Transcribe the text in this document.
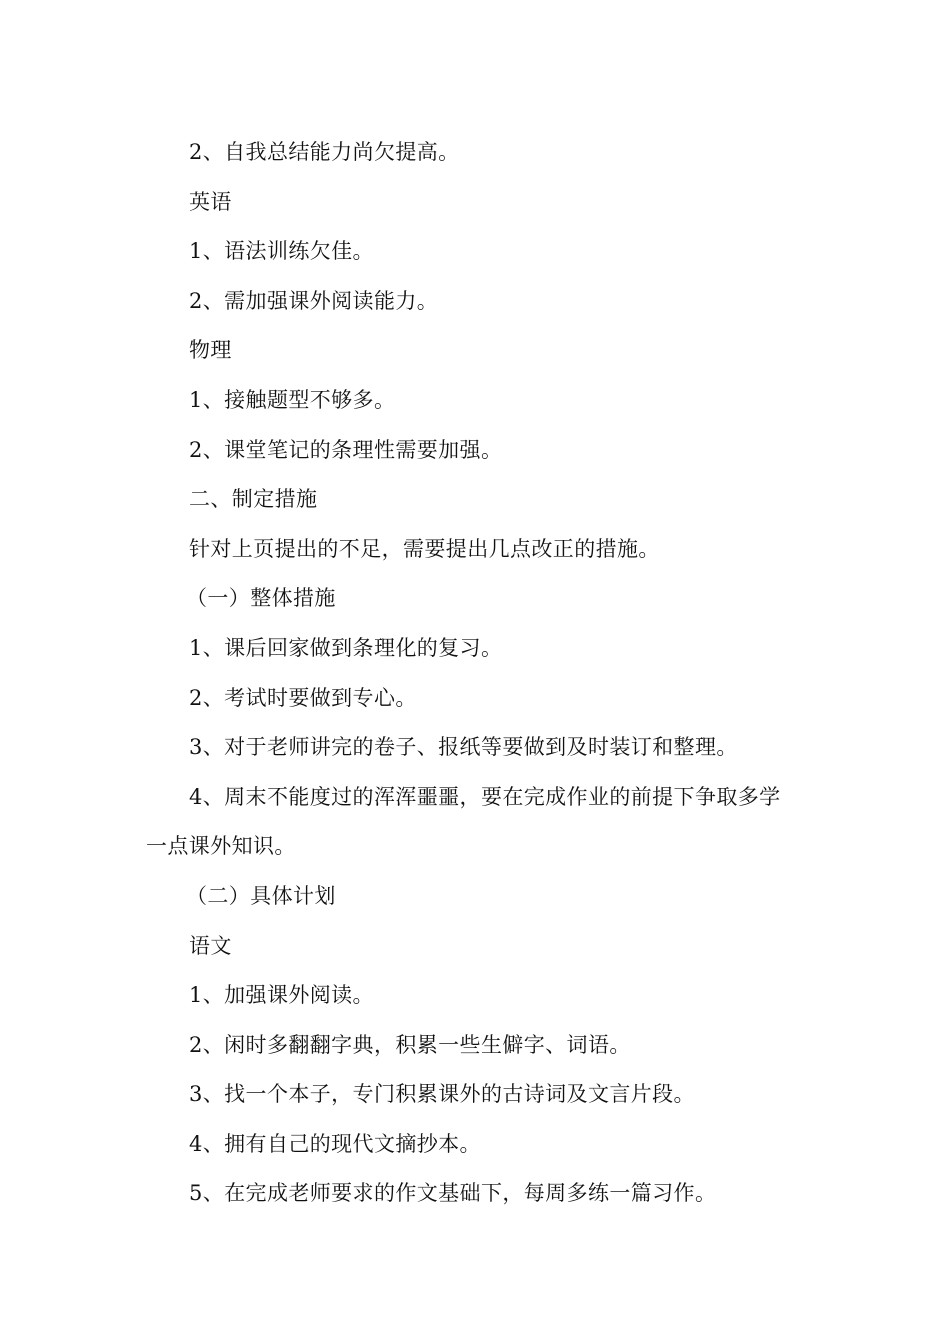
2、自我总结能力尚欠提高。

英语

1、语法训练欠佳。

2、需加强课外阅读能力。

物理

1、接触题型不够多。

2、课堂笔记的条理性需要加强。

二、制定措施

针对上页提出的不足，需要提出几点改正的措施。

（一）整体措施

1、课后回家做到条理化的复习。

2、考试时要做到专心。

3、对于老师讲完的卷子、报纸等要做到及时装订和整理。

4、周末不能度过的浑浑噩噩，要在完成作业的前提下争取多学

一点课外知识。

（二）具体计划

语文

1、加强课外阅读。

2、闲时多翻翻字典，积累一些生僻字、词语。

3、找一个本子，专门积累课外的古诗词及文言片段。

4、拥有自己的现代文摘抄本。

5、在完成老师要求的作文基础下，每周多练一篇习作。
